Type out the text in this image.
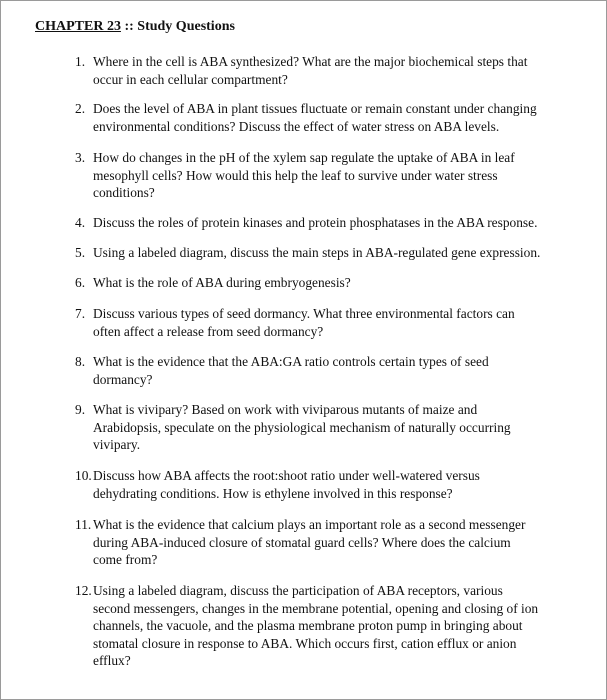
CHAPTER 23 :: Study Questions
1. Where in the cell is ABA synthesized? What are the major biochemical steps that
occur in each cellular compartment?
2. Does the level of ABA in plant tissues fluctuate or remain constant under changing
environmental conditions? Discuss the effect of water stress on ABA levels.
3. How do changes in the pH of the xylem sap regulate the uptake of ABA in leaf
mesophyll cells? How would this help the leaf to survive under water stress
conditions?
4. Discuss the roles of protein kinases and protein phosphatases in the ABA response.
5. Using a labeled diagram, discuss the main steps in ABA-regulated gene expression.
6. What is the role of ABA during embryogenesis?
7. Discuss various types of seed dormancy. What three environmental factors can
often affect a release from seed dormancy?
8. What is the evidence that the ABA:GA ratio controls certain types of seed
dormancy?
9. What is vivipary? Based on work with viviparous mutants of maize and
Arabidopsis, speculate on the physiological mechanism of naturally occurring
vivipary.
10.Discuss how ABA affects the root:shoot ratio under well-watered versus
dehydrating conditions. How is ethylene involved in this response?
11. What is the evidence that calcium plays an important role as a second messenger
during ABA-induced closure of stomatal guard cells? Where does the calcium
come from?
12.Using a labeled diagram, discuss the participation of ABA receptors, various
second messengers, changes in the membrane potential, opening and closing of ion
channels, the vacuole, and the plasma membrane proton pump in bringing about
stomatal closure in response to ABA. Which occurs first, cation efflux or anion
efflux?
